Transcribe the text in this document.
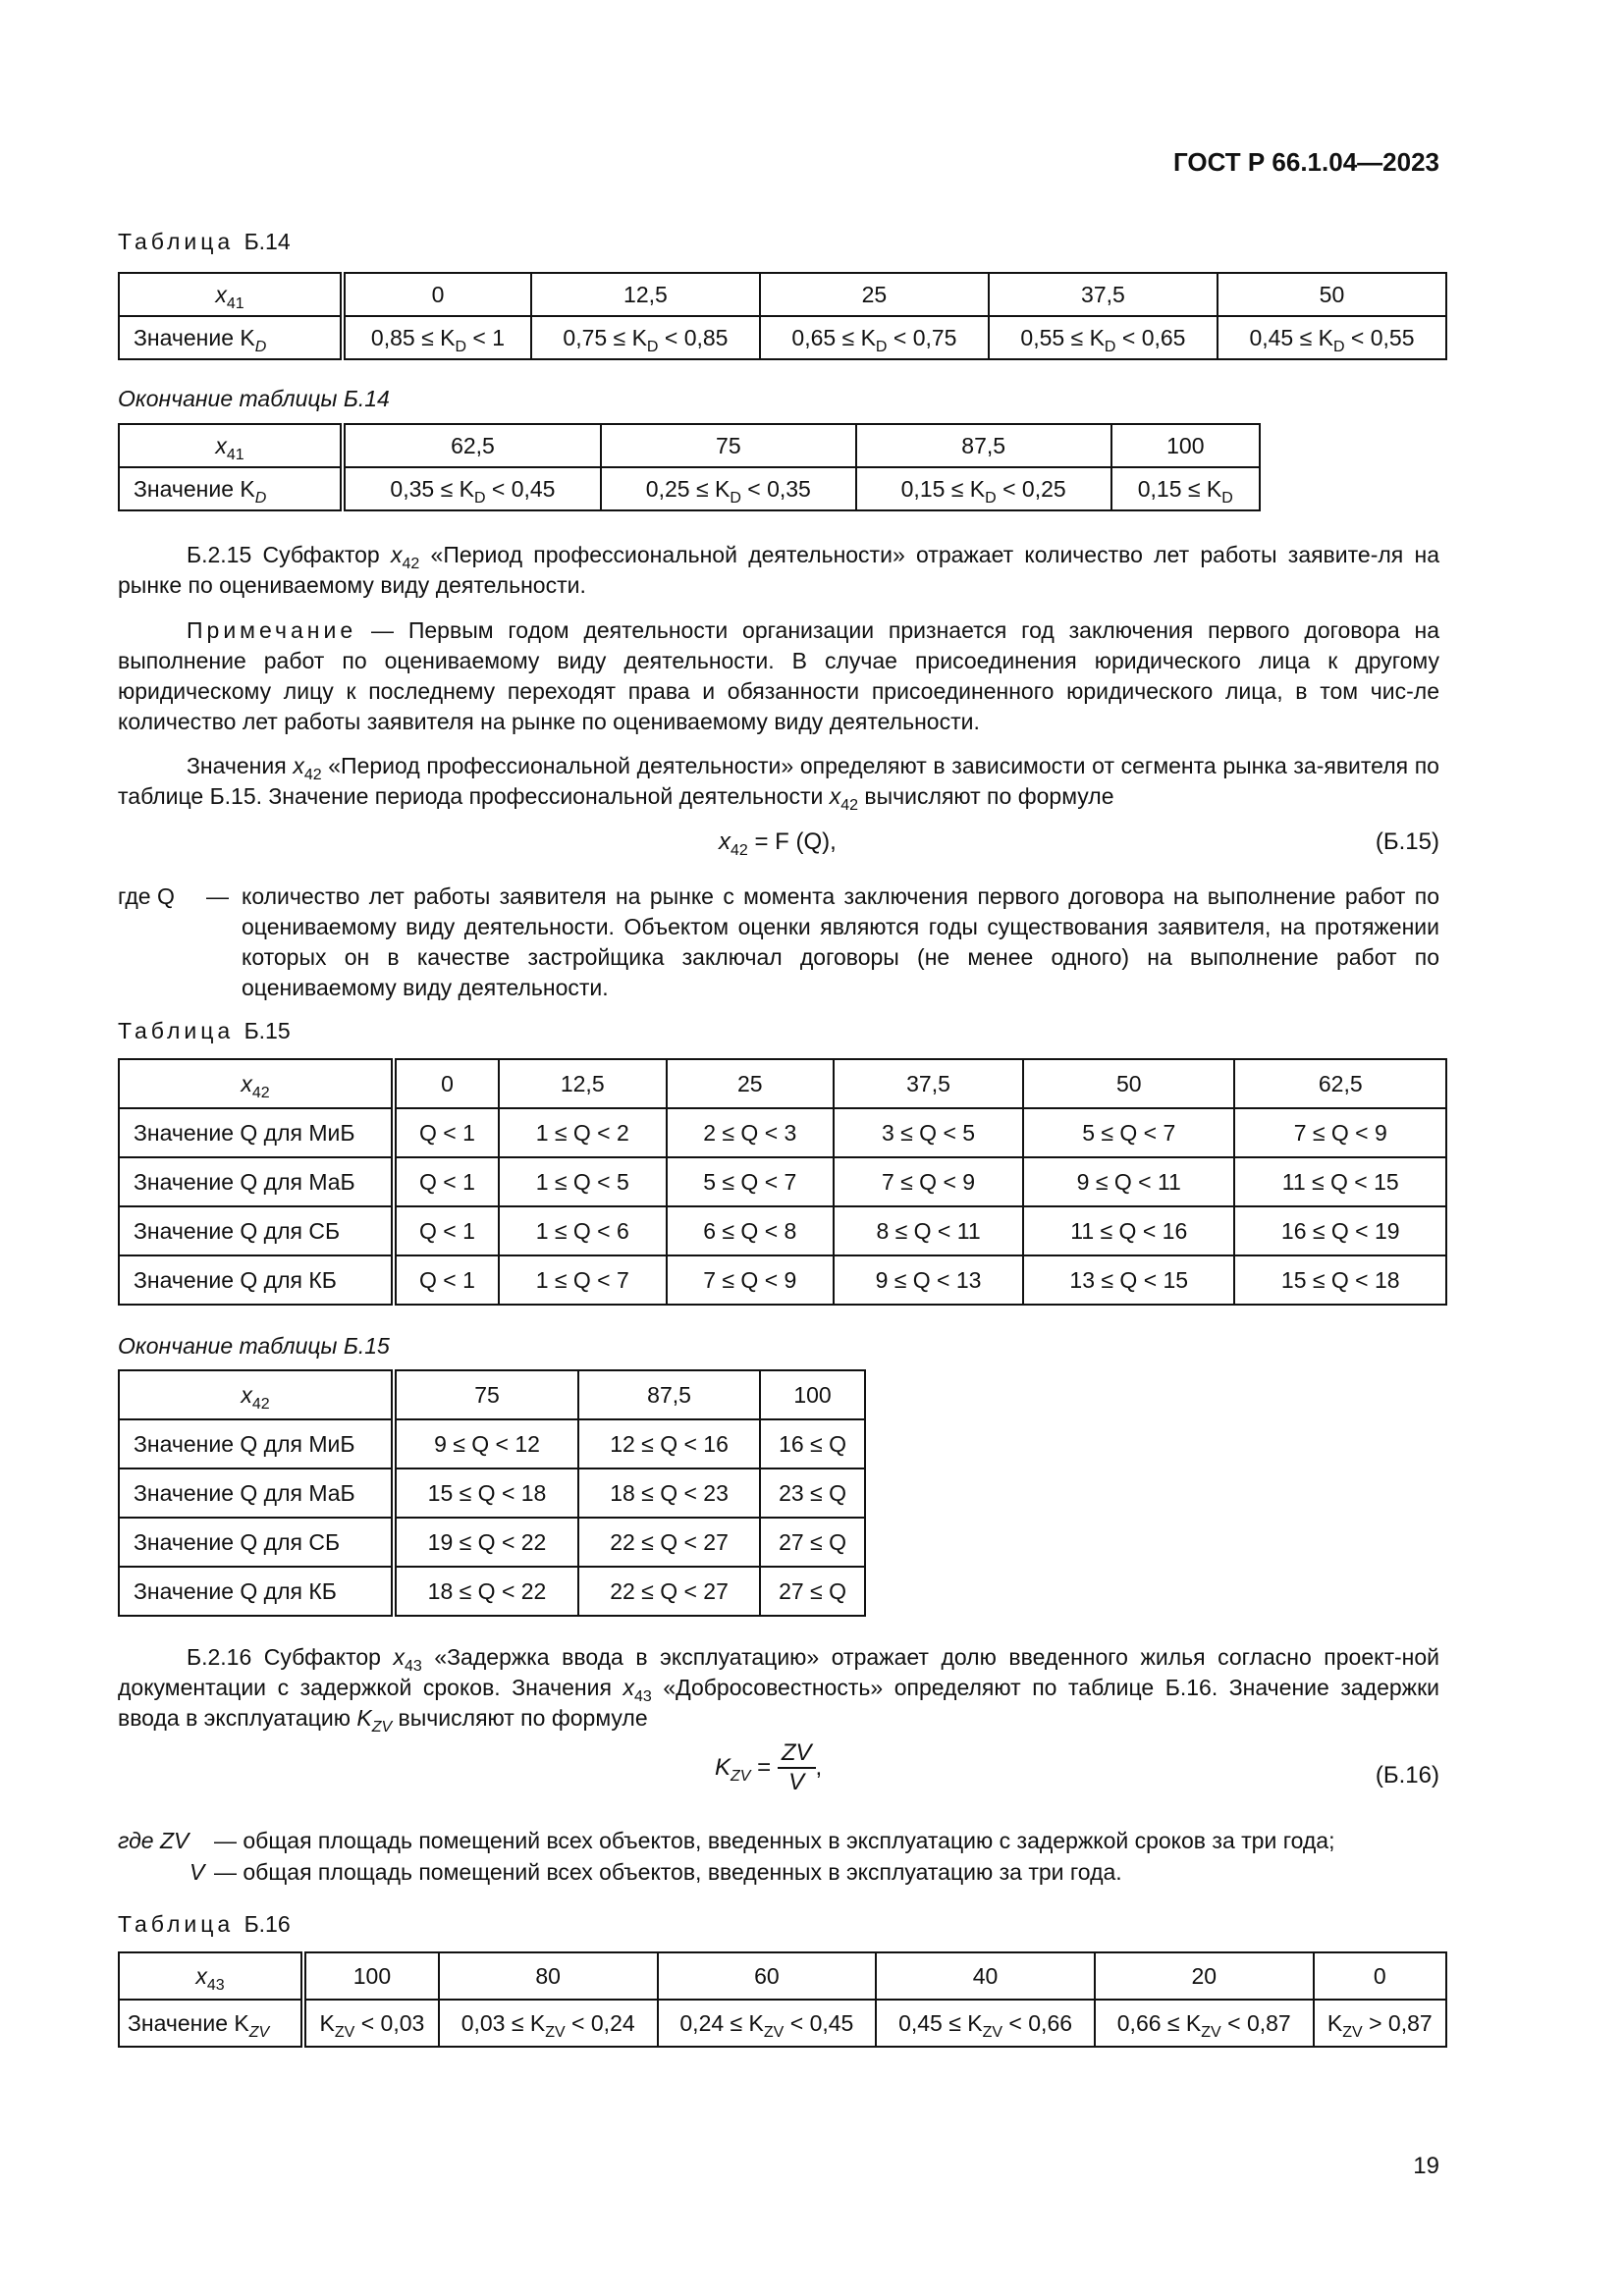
ГОСТ Р 66.1.04—2023
Таблица Б.14
$x_{41}$	0	12,5	25	37,5	50
Значение $K_D$	$0,85 \le K_D < 1$	$0,75 \le K_D < 0,85$	$0,65 \le K_D < 0,75$	$0,55 \le K_D < 0,65$	$0,45 \le K_D < 0,55$
Окончание таблицы Б.14
$x_{41}$	62,5	75	87,5	100
Значение $K_D$	$0,35 \le K_D < 0,45$	$0,25 \le K_D < 0,35$	$0,15 \le K_D < 0,25$	$0,15 \le K_D$
Б.2.15 Субфактор $x_{42}$ «Период профессиональной деятельности» отражает количество лет работы заявите-ля на рынке по оцениваемому виду деятельности.
Примечание — Первым годом деятельности организации признается год заключения первого договора на выполнение работ по оцениваемому виду деятельности. В случае присоединения юридического лица к другому юридическому лицу к последнему переходят права и обязанности присоединенного юридического лица, в том чис-ле количество лет работы заявителя на рынке по оцениваемому виду деятельности.
Значения $x_{42}$ «Период профессиональной деятельности» определяют в зависимости от сегмента рынка за-явителя по таблице Б.15. Значение периода профессиональной деятельности $x_{42}$ вычисляют по формуле
$x_{42} = F$ (Q),	(Б.15)
где Q — количество лет работы заявителя на рынке с момента заключения первого договора на выполнение работ по оцениваемому виду деятельности. Объектом оценки являются годы существования заявителя, на протяжении которых он в качестве застройщика заключал договоры (не менее одного) на выполнение работ по оцениваемому виду деятельности.
Таблица Б.15
$x_{42}$	0	12,5	25	37,5	50	62,5
Значение Q для МиБ	Q < 1	1 ≤ Q < 2	2 ≤ Q < 3	3 ≤ Q < 5	5 ≤ Q < 7	7 ≤ Q < 9
Значение Q для МаБ	Q < 1	1 ≤ Q < 5	5 ≤ Q < 7	7 ≤ Q < 9	9 ≤ Q < 11	11 ≤ Q < 15
Значение Q для СБ	Q < 1	1 ≤ Q < 6	6 ≤ Q < 8	8 ≤ Q < 11	11 ≤ Q < 16	16 ≤ Q < 19
Значение Q для КБ	Q < 1	1 ≤ Q < 7	7 ≤ Q < 9	9 ≤ Q < 13	13 ≤ Q < 15	15 ≤ Q < 18
Окончание таблицы Б.15
$x_{42}$	75	87,5	100
Значение Q для МиБ	9 ≤ Q < 12	12 ≤ Q < 16	16 ≤ Q
Значение Q для МаБ	15 ≤ Q < 18	18 ≤ Q < 23	23 ≤ Q
Значение Q для СБ	19 ≤ Q < 22	22 ≤ Q < 27	27 ≤ Q
Значение Q для КБ	18 ≤ Q < 22	22 ≤ Q < 27	27 ≤ Q
Б.2.16 Субфактор $x_{43}$ «Задержка ввода в эксплуатацию» отражает долю введенного жилья согласно проект-ной документации с задержкой сроков. Значения $x_{43}$ «Добросовестность» определяют по таблице Б.16. Значение задержки ввода в эксплуатацию $K_{ZV}$ вычисляют по формуле
$K_{ZV} = \frac{ZV}{V}$ ,	(Б.16)
где ZV — общая площадь помещений всех объектов, введенных в эксплуатацию с задержкой сроков за три года;
V — общая площадь помещений всех объектов, введенных в эксплуатацию за три года.
Таблица Б.16
$x_{43}$	100	80	60	40	20	0
Значение $K_{ZV}$	$K_{ZV} < 0,03$	$0,03 \le K_{ZV} < 0,24$	$0,24 \le K_{ZV} < 0,45$	$0,45 \le K_{ZV} < 0,66$	$0,66 \le K_{ZV} < 0,87$	$K_{ZV} > 0,87$
19
